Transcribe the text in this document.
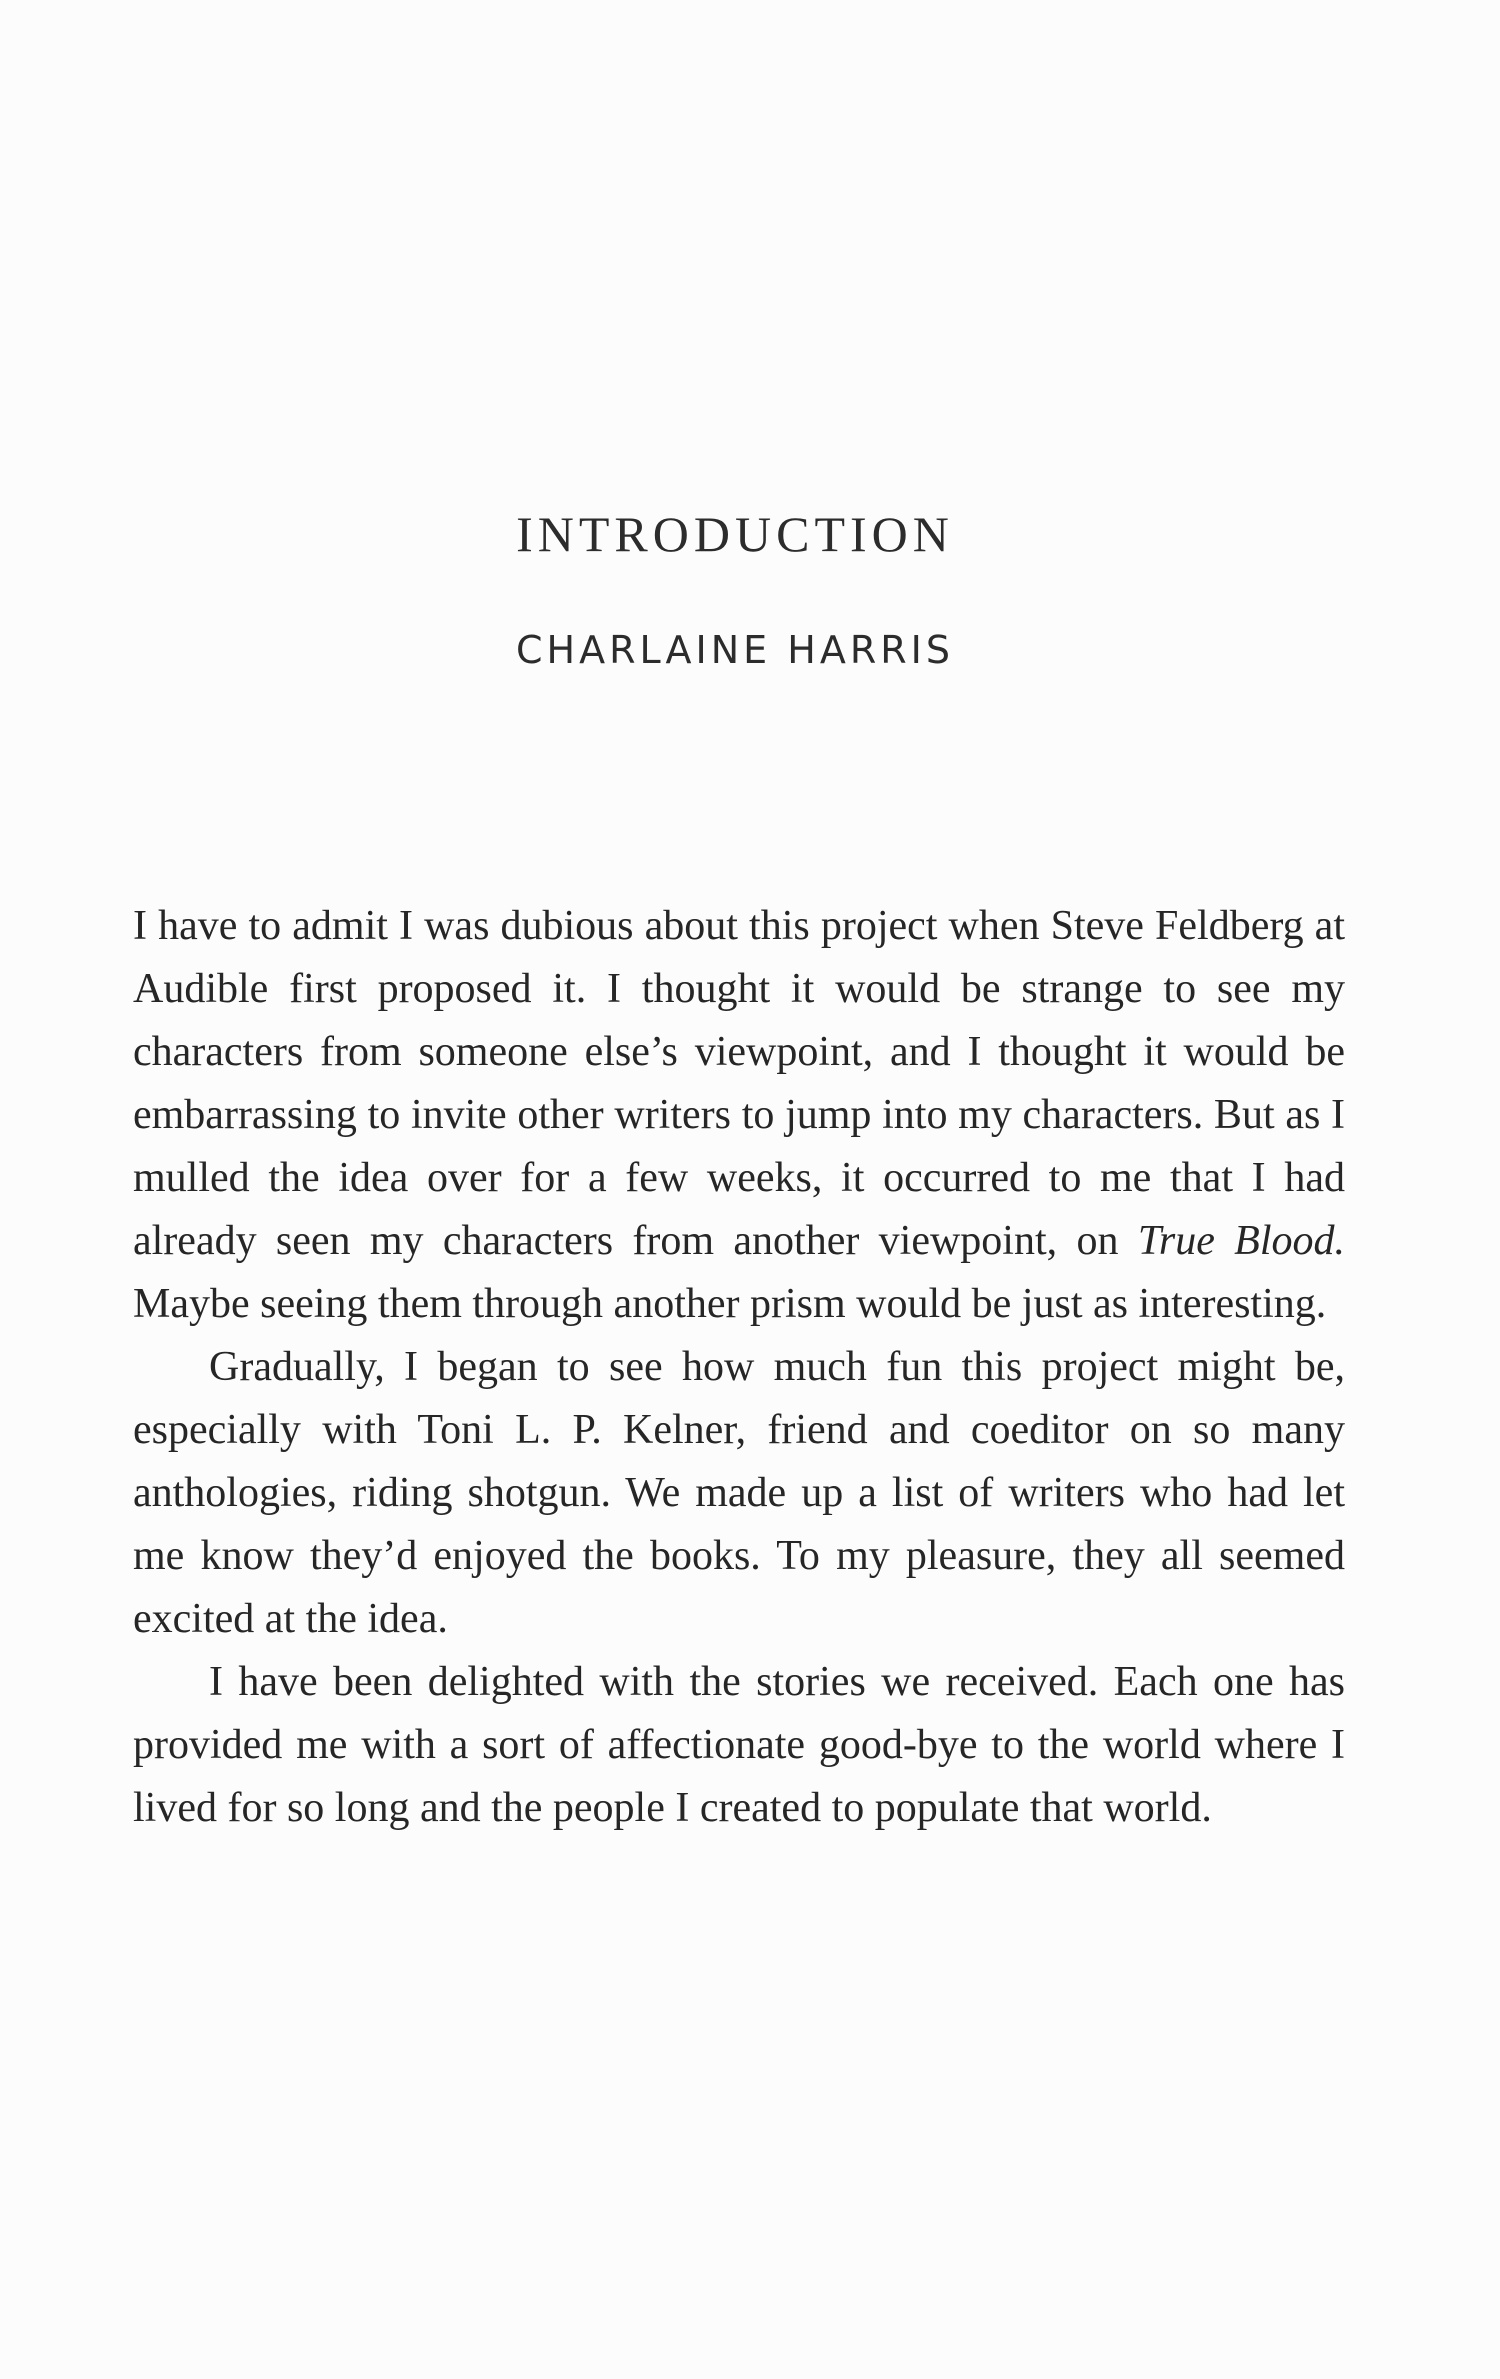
INTRODUCTION
CHARLAINE HARRIS

I have to admit I was dubious about this project when Steve Feldberg at Audible first proposed it. I thought it would be strange to see my characters from someone else’s viewpoint, and I thought it would be embarrassing to invite other writers to jump into my characters. But as I mulled the idea over for a few weeks, it occurred to me that I had already seen my characters from another viewpoint, on True Blood. Maybe seeing them through another prism would be just as interesting.

Gradually, I began to see how much fun this project might be, especially with Toni L. P. Kelner, friend and coeditor on so many anthologies, riding shotgun. We made up a list of writers who had let me know they’d enjoyed the books. To my pleasure, they all seemed excited at the idea.

I have been delighted with the stories we received. Each one has provided me with a sort of affectionate good-bye to the world where I lived for so long and the people I created to populate that world.
